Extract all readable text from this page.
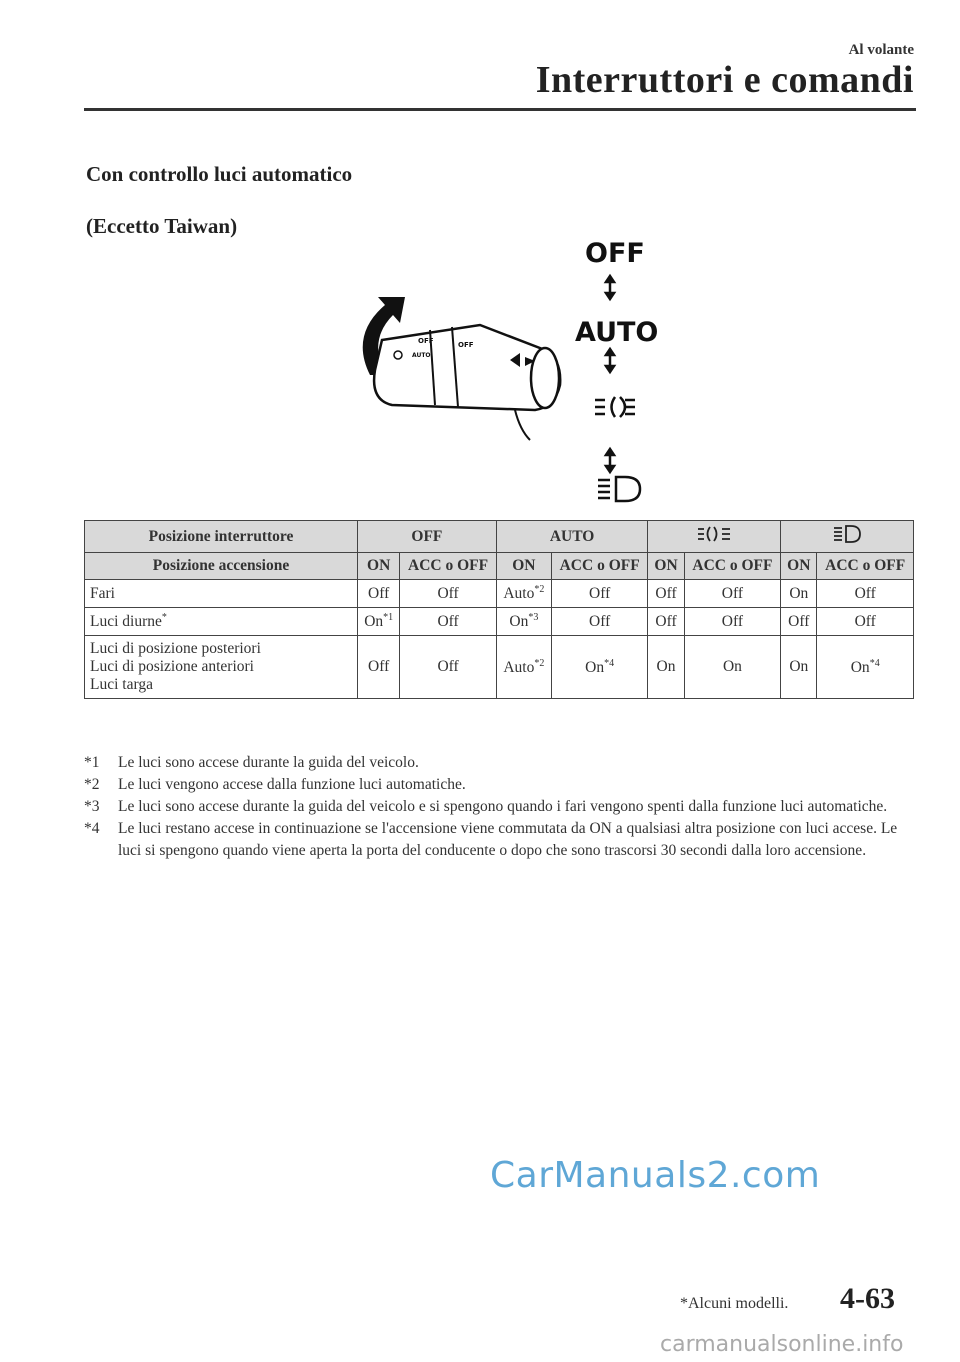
Al volante
Interruttori e comandi
Con controllo luci automatico
(Eccetto Taiwan)
OFF
AUTO
OFF
OFF
AUTO
Posizione interruttore	OFF		AUTO		
Posizione accensione	ON	ACC o OFF	ON	ACC o OFF	ON	ACC o OFF	ON	ACC o OFF
Fari	Off	Off	Auto$^{*2}$	Off	Off	Off	On	Off
Luci diurne*	On$^{*1}$	Off	On$^{*3}$	Off	Off	Off	Off	Off

Luci di posizione posteriori
Luci di posizione anteriori
Luci targa	Off	Off	Auto$^{*2}$	On$^{*4}$	On	On	On	On$^{*4}$
*1 Le luci sono accese durante la guida del veicolo.
*2 Le luci vengono accese dalla funzione luci automatiche.
*3 Le luci sono accese durante la guida del veicolo e si spengono quando i fari vengono spenti dalla funzione luci automatiche.
*4 Le luci restano accese in continuazione se l'accensione viene commutata da ON a qualsiasi altra posizione con luci accese. Le luci si spengono quando viene aperta la porta del conducente o dopo che sono trascorsi 30 secondi dalla loro accensione.
CarManuals2.com
*Alcuni modelli. 4-63
carmanualsonline.info
